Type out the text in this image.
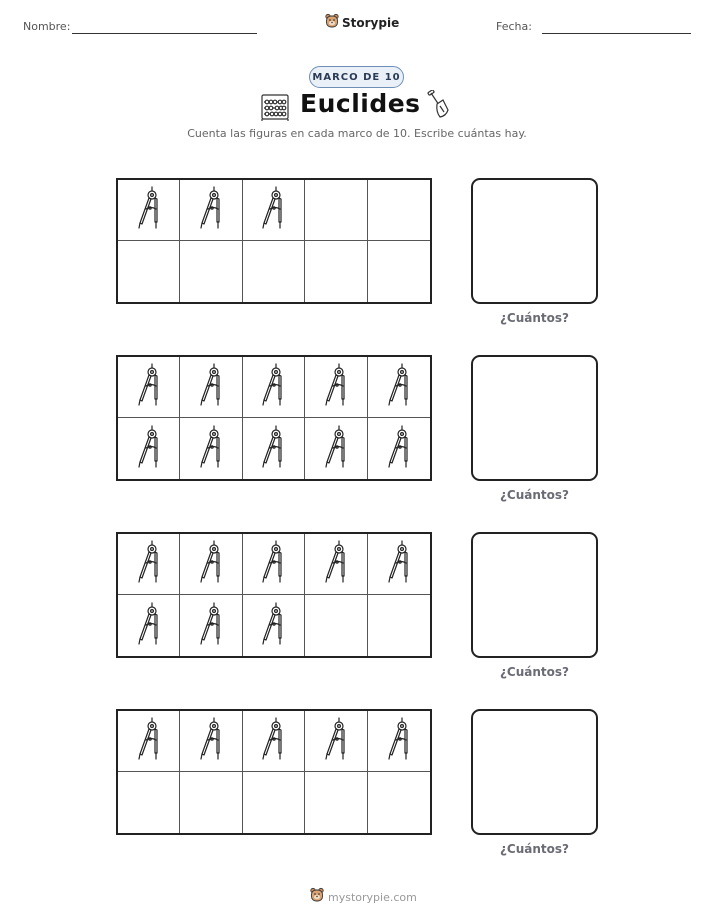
Nombre:	Storypie	Fecha:
MARCO DE 10
Euclides
Cuenta las figuras en cada marco de 10. Escribe cuántas hay.
¿Cuántos?
¿Cuántos?
¿Cuántos?
¿Cuántos?
mystorypie.com
